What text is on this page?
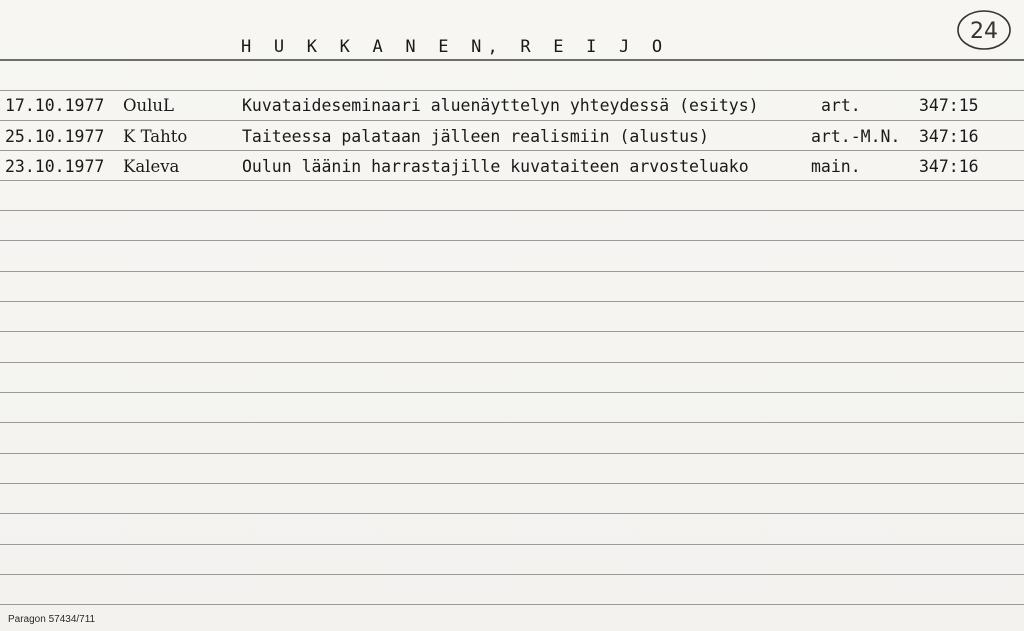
H U K K A N E N, R E I J O
24
17.10.1977 OuluL	Kuvataideseminaari aluenäyttelyn yhteydessä (esitys)	art.	347:15
25.10.1977 K Tahto	Taiteessa palataan jälleen realismiin (alustus)	art.-M.N. 347:16
23.10.1977 Kaleva	Oulun läänin harrastajille kuvataiteen arvosteluako	main.	347:16
Paragon 57434/711
